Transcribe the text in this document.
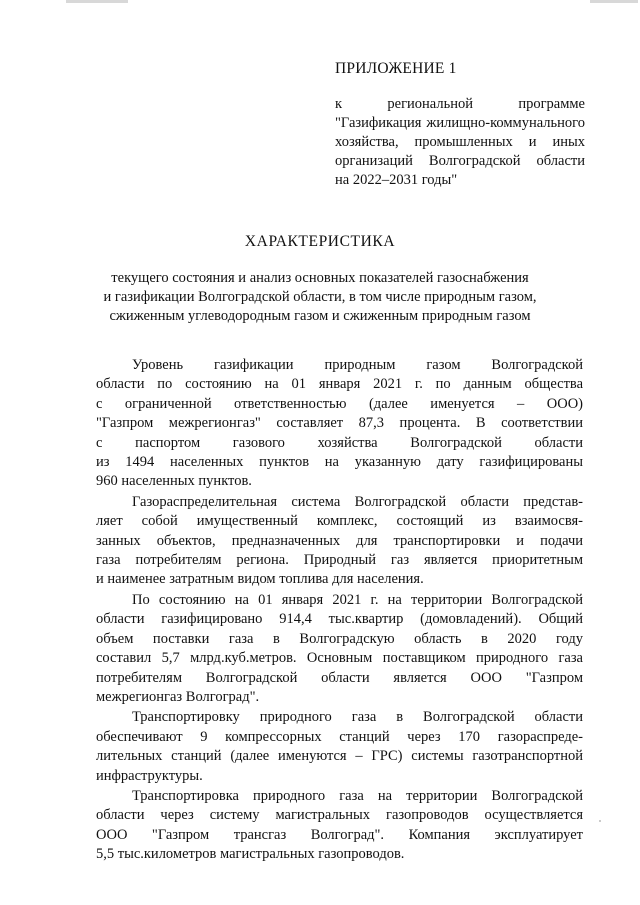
ПРИЛОЖЕНИЕ 1
к региональной программе
"Газификация жилищно-коммунального
хозяйства, промышленных и иных
организаций Волгоградской области
на 2022–2031 годы"
ХАРАКТЕРИСТИКА
текущего состояния и анализ основных показателей газоснабжения
и газификации Волгоградской области, в том числе природным газом,
сжиженным углеводородным газом и сжиженным природным газом
Уровень газификации природным газом Волгоградской
области по состоянию на 01 января 2021 г. по данным общества
с ограниченной ответственностью (далее именуется – ООО)
"Газпром межрегионгаз" составляет 87,3 процента. В соответствии
с паспортом газового хозяйства Волгоградской области
из 1494 населенных пунктов на указанную дату газифицированы
960 населенных пунктов.
Газораспределительная система Волгоградской области представ-
ляет собой имущественный комплекс, состоящий из взаимосвя-
занных объектов, предназначенных для транспортировки и подачи
газа потребителям региона. Природный газ является приоритетным
и наименее затратным видом топлива для населения.
По состоянию на 01 января 2021 г. на территории Волгоградской
области газифицировано 914,4 тыс.квартир (домовладений). Общий
объем поставки газа в Волгоградскую область в 2020 году
составил 5,7 млрд.куб.метров. Основным поставщиком природного газа
потребителям Волгоградской области является ООО "Газпром
межрегионгаз Волгоград".
Транспортировку природного газа в Волгоградской области
обеспечивают 9 компрессорных станций через 170 газораспреде-
лительных станций (далее именуются – ГРС) системы газотранспортной
инфраструктуры.
Транспортировка природного газа на территории Волгоградской
области через систему магистральных газопроводов осуществляется
ООО "Газпром трансгаз Волгоград". Компания эксплуатирует
5,5 тыс.километров магистральных газопроводов.
